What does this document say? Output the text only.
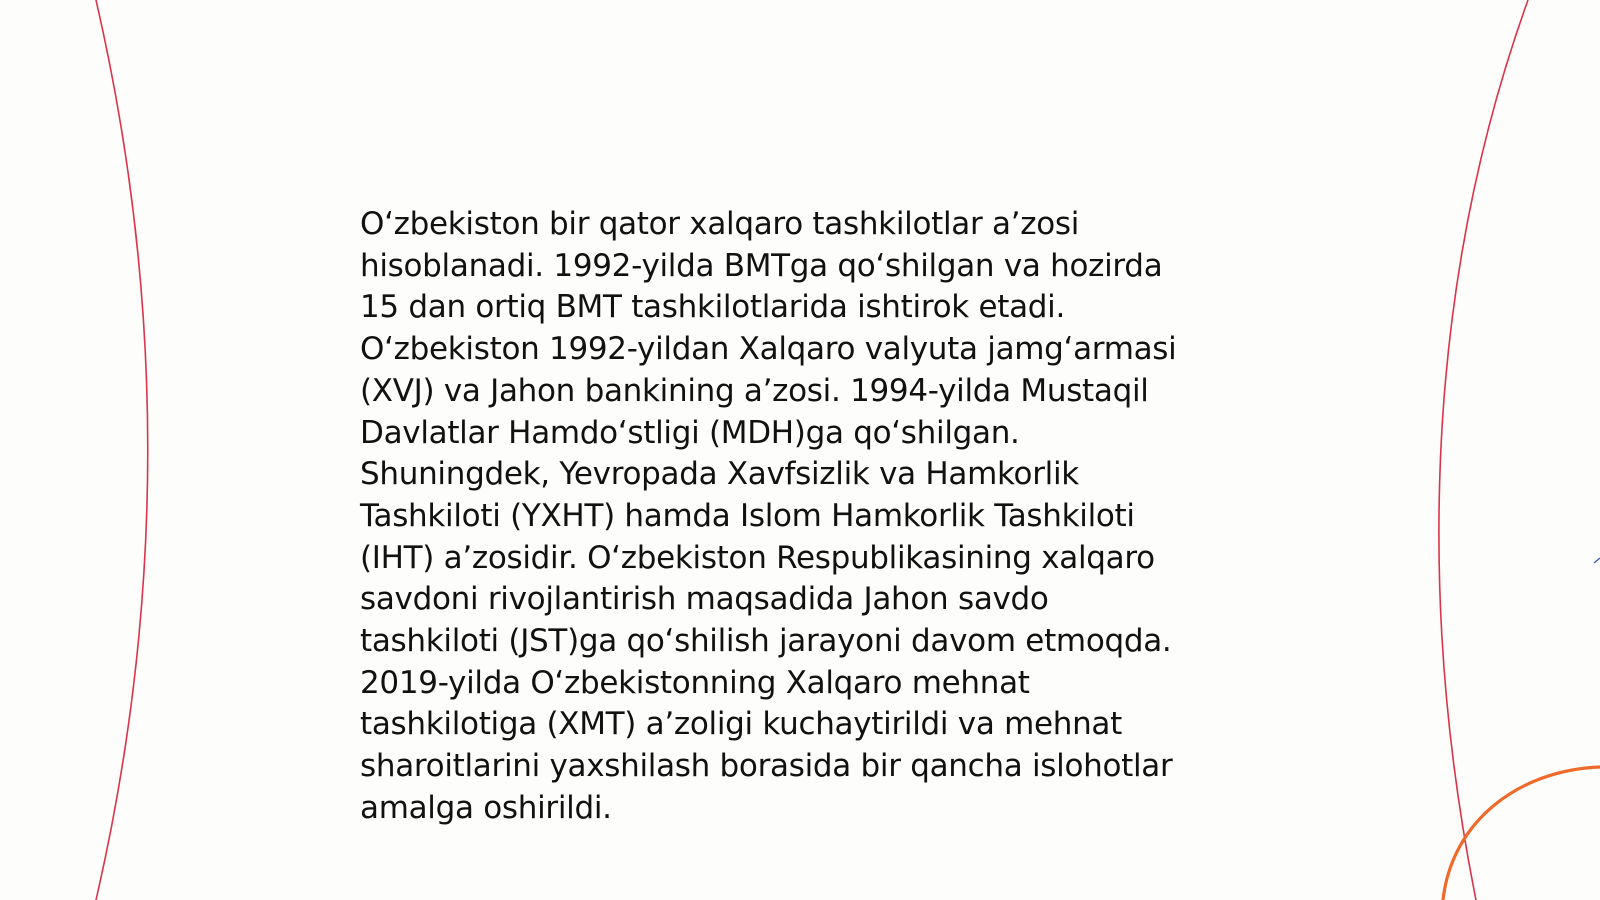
O‘zbekiston bir qator xalqaro tashkilotlar a’zosi
hisoblanadi. 1992-yilda BMTga qo‘shilgan va hozirda
15 dan ortiq BMT tashkilotlarida ishtirok etadi.
O‘zbekiston 1992-yildan Xalqaro valyuta jamg‘armasi
(XVJ) va Jahon bankining a’zosi. 1994-yilda Mustaqil
Davlatlar Hamdo‘stligi (MDH)ga qo‘shilgan.
Shuningdek, Yevropada Xavfsizlik va Hamkorlik
Tashkiloti (YXHT) hamda Islom Hamkorlik Tashkiloti
(IHT) a’zosidir. O‘zbekiston Respublikasining xalqaro
savdoni rivojlantirish maqsadida Jahon savdo
tashkiloti (JST)ga qo‘shilish jarayoni davom etmoqda.
2019-yilda O‘zbekistonning Xalqaro mehnat
tashkilotiga (XMT) a’zoligi kuchaytirildi va mehnat
sharoitlarini yaxshilash borasida bir qancha islohotlar
amalga oshirildi.
